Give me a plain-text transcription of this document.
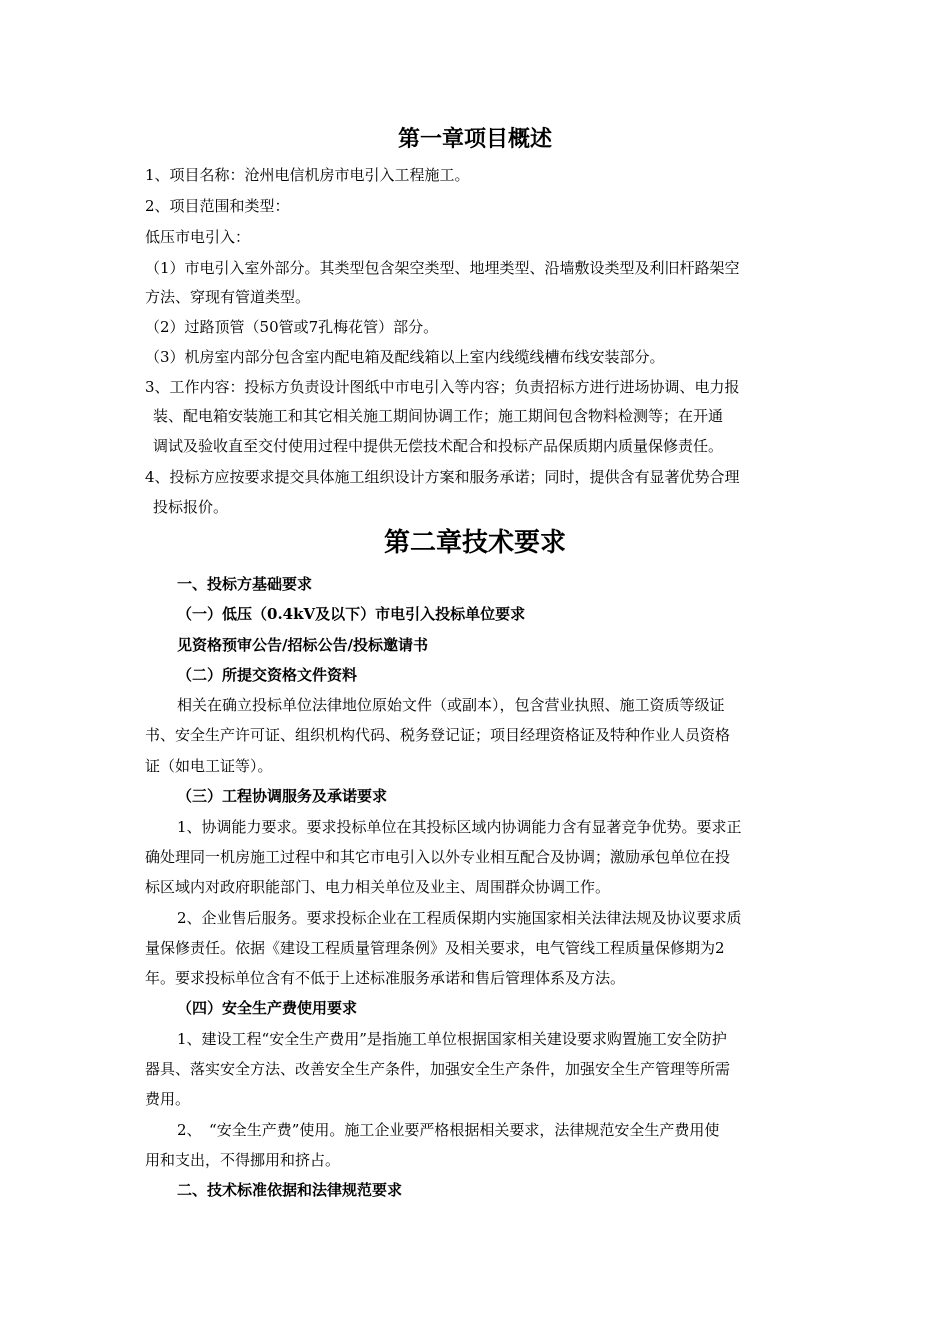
第一章项目概述
1、项目名称：沧州电信机房市电引入工程施工。
2、项目范围和类型：
低压市电引入：
（1）市电引入室外部分。其类型包含架空类型、地埋类型、沿墙敷设类型及利旧杆路架空
方法、穿现有管道类型。
（2）过路顶管（50管或7孔梅花管）部分。
（3）机房室内部分包含室内配电箱及配线箱以上室内线缆线槽布线安装部分。
3、工作内容：投标方负责设计图纸中市电引入等内容；负责招标方进行进场协调、电力报
装、配电箱安装施工和其它相关施工期间协调工作；施工期间包含物料检测等；在开通
调试及验收直至交付使用过程中提供无偿技术配合和投标产品保质期内质量保修责任。
4、投标方应按要求提交具体施工组织设计方案和服务承诺；同时，提供含有显著优势合理
投标报价。
第二章技术要求
一、投标方基础要求
（一）低压（0.4kV及以下）市电引入投标单位要求
见资格预审公告/招标公告/投标邀请书
（二）所提交资格文件资料
相关在确立投标单位法律地位原始文件（或副本），包含营业执照、施工资质等级证
书、安全生产许可证、组织机构代码、税务登记证；项目经理资格证及特种作业人员资格
证（如电工证等）。
（三）工程协调服务及承诺要求
1、协调能力要求。要求投标单位在其投标区域内协调能力含有显著竞争优势。要求正
确处理同一机房施工过程中和其它市电引入以外专业相互配合及协调；激励承包单位在投
标区域内对政府职能部门、电力相关单位及业主、周围群众协调工作。
2、企业售后服务。要求投标企业在工程质保期内实施国家相关法律法规及协议要求质
量保修责任。依据《建设工程质量管理条例》及相关要求，电气管线工程质量保修期为2
年。要求投标单位含有不低于上述标准服务承诺和售后管理体系及方法。
（四）安全生产费使用要求
1、建设工程“安全生产费用”是指施工单位根据国家相关建设要求购置施工安全防护
器具、落实安全方法、改善安全生产条件，加强安全生产条件，加强安全生产管理等所需
费用。
2、　“安全生产费”使用。施工企业要严格根据相关要求，法律规范安全生产费用使
用和支出，不得挪用和挤占。
二、技术标准依据和法律规范要求
